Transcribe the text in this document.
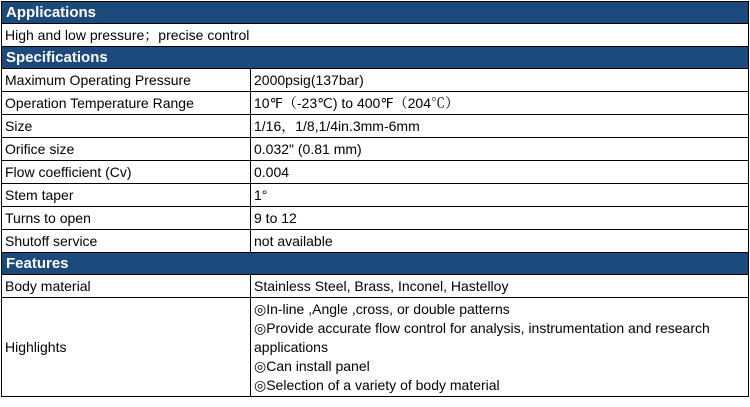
Applications	
High and low pressure；precise control	
Specifications	
Maximum Operating Pressure	2000psig(137bar)
Operation Temperature Range	10℉（-23℃) to 400℉（204℃）
Size	1/16，1/8,1/4in.3mm-6mm
Orifice size	0.032" (0.81 mm)
Flow coefficient (Cv)	0.004
Stem taper	1°
Turns to open	9 to 12
Shutoff service	not available
Features	
Body material	Stainless Steel, Brass, Inconel, Hastelloy
Highlights	◎In-line ,Angle ,cross, or double patterns
◎Provide accurate flow control for analysis, instrumentation and research applications
◎Can install panel
◎Selection of a variety of body material
